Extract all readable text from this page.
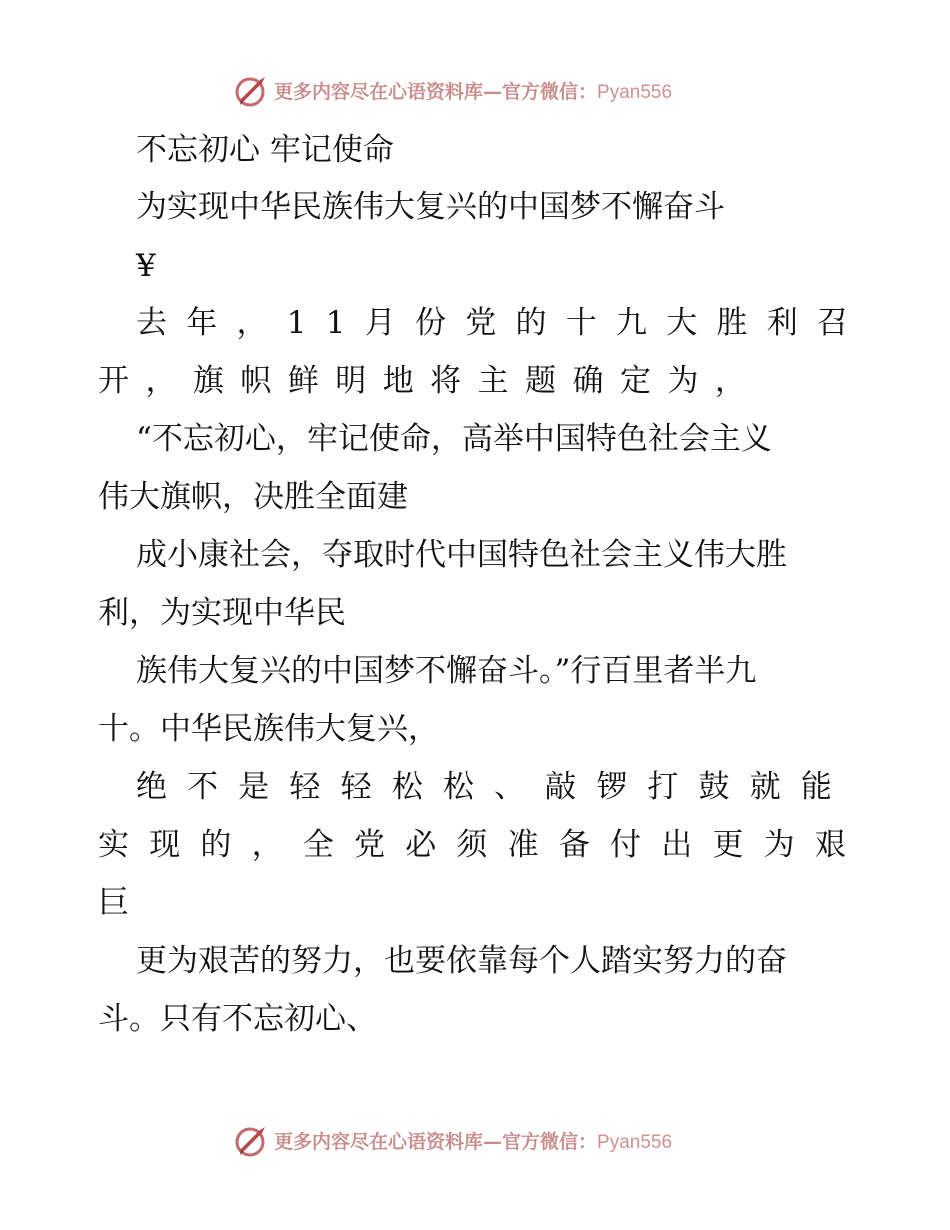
更多内容尽在心语资料库—官方微信：Pyan556
不忘初心 牢记使命
为实现中华民族伟大复兴的中国梦不懈奋斗
¥
去 年 ， 1 1 月 份 党 的 十 九 大 胜 利 召
开 ， 旗 帜 鲜 明 地 将 主 题 确 定 为 ，
“不忘初心，牢记使命，高举中国特色社会主义
伟大旗帜，决胜全面建
成小康社会，夺取时代中国特色社会主义伟大胜
利，为实现中华民
族伟大复兴的中国梦不懈奋斗。”行百里者半九
十。中华民族伟大复兴，
绝 不 是 轻 轻 松 松 、 敲 锣 打 鼓 就 能
实 现 的 ， 全 党 必 须 准 备 付 出 更 为 艰
巨
更为艰苦的努力，也要依靠每个人踏实努力的奋
斗。只有不忘初心、
更多内容尽在心语资料库—官方微信：Pyan556
